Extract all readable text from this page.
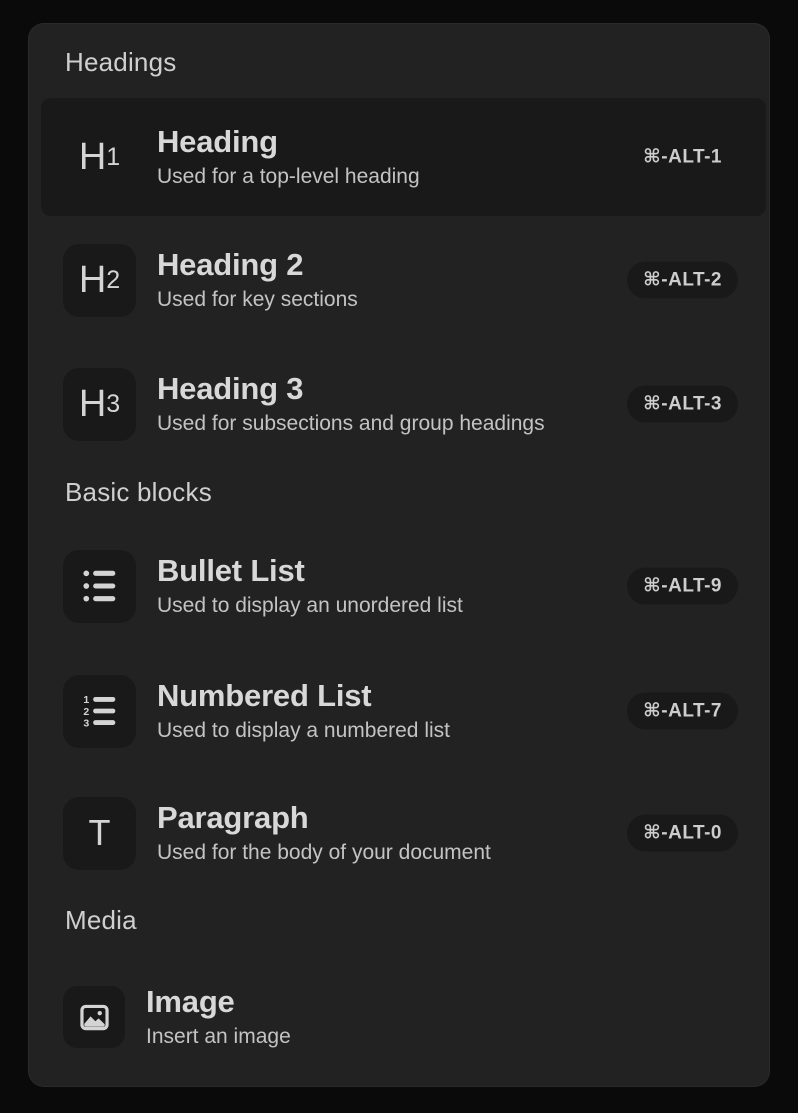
Headings
H 1 Heading
Used for a top-level heading
⌘-ALT-1
H 2 Heading 2
Used for key sections
⌘-ALT-2
H 3 Heading 3
Used for subsections and group headings
⌘-ALT-3
Basic blocks
Bullet List
Used to display an unordered list
⌘-ALT-9
1
2
3
Numbered List
Used to display a numbered list
⌘-ALT-7
T Paragraph
Used for the body of your document
⌘-ALT-0
Media
Image
Insert an image
